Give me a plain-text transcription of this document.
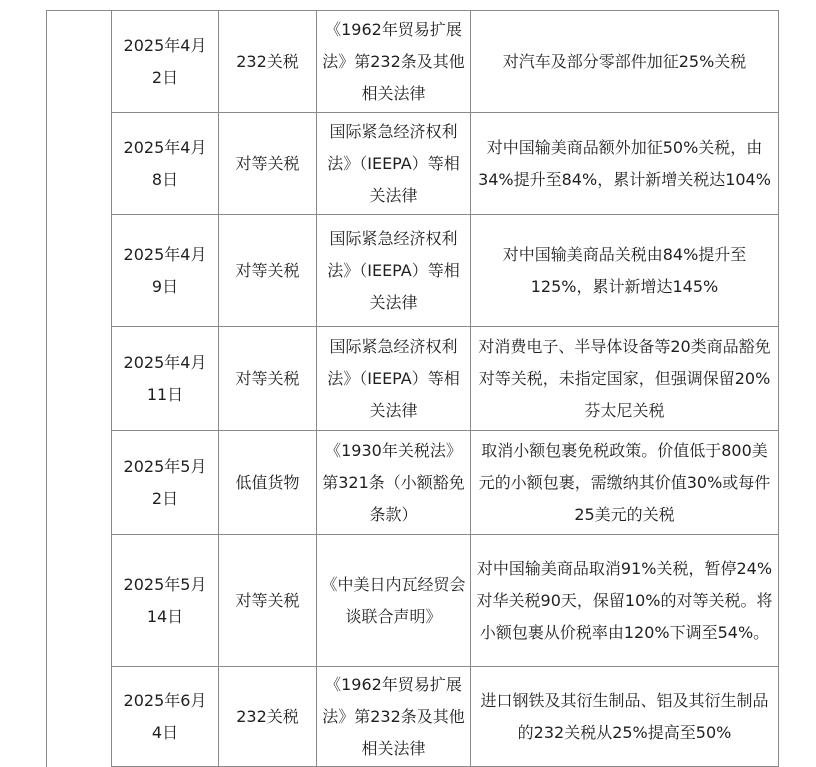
	2025年4月2日	232关税	《1962年贸易扩展法》第232条及其他相关法律	对汽车及部分零部件加征25%关税

	2025年4月8日	对等关税	国际紧急经济权利法》（IEEPA）等相关法律	对中国输美商品额外加征50%关税，由34%提升至84%，累计新增关税达104%

	2025年4月9日	对等关税	国际紧急经济权利法》（IEEPA）等相关法律	对中国输美商品关税由84%提升至125%，累计新增达145%

	2025年4月11日	对等关税	国际紧急经济权利法》（IEEPA）等相关法律	对消费电子、半导体设备等20类商品豁免对等关税，未指定国家，但强调保留20%芬太尼关税

	2025年5月2日	低值货物	《1930年关税法》第321条（小额豁免条款）	取消小额包裹免税政策。价值低于800美元的小额包裹，需缴纳其价值30%或每件25美元的关税

	2025年5月14日	对等关税	《中美日内瓦经贸会谈联合声明》	对中国输美商品取消91%关税，暂停24%对华关税90天，保留10%的对等关税。将小额包裹从价税率由120%下调至54%。

	2025年6月4日	232关税	《1962年贸易扩展法》第232条及其他相关法律	进口钢铁及其衍生制品、铝及其衍生制品的232关税从25%提高至50%
